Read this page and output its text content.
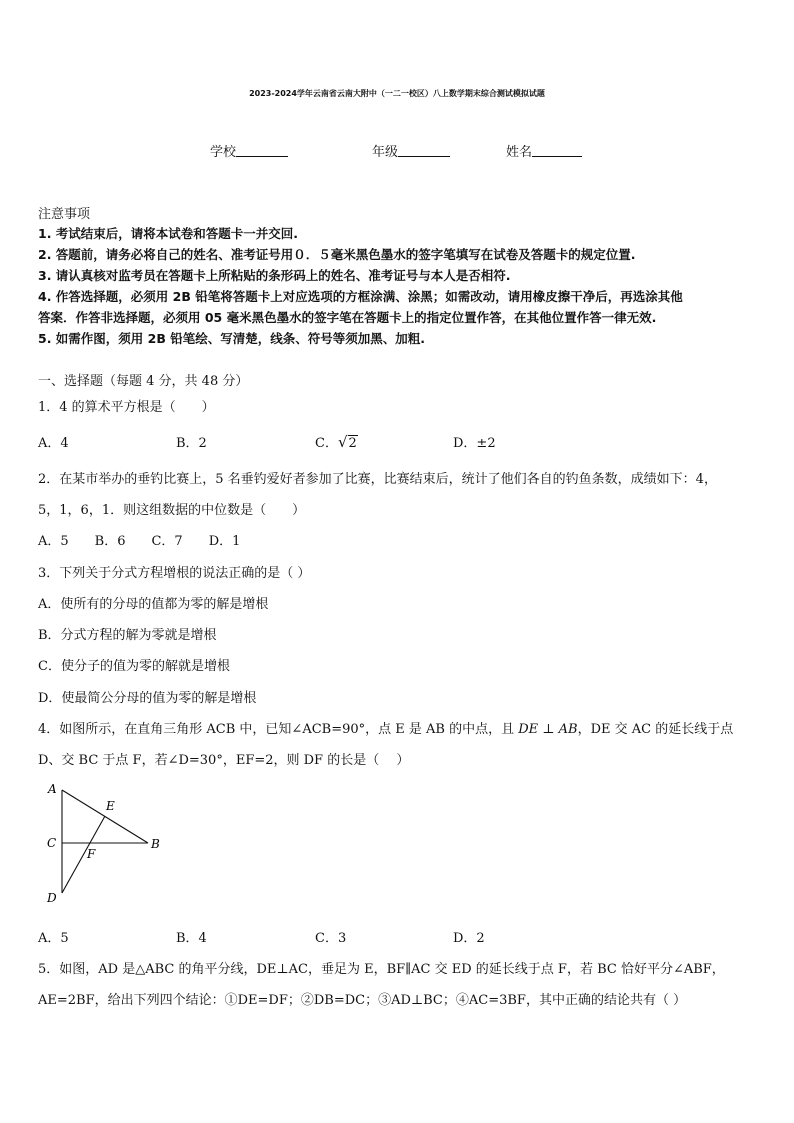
2023-2024学年云南省云南大附中（一二一校区）八上数学期末综合测试模拟试题
学校	年级	姓名
注意事项
1. 考试结束后，请将本试卷和答题卡一并交回.
2. 答题前，请务必将自己的姓名、准考证号用０．５毫米黑色墨水的签字笔填写在试卷及答题卡的规定位置.
3. 请认真核对监考员在答题卡上所粘贴的条形码上的姓名、准考证号与本人是否相符.
4. 作答选择题，必须用 2B 铅笔将答题卡上对应选项的方框涂满、涂黑；如需改动，请用橡皮擦干净后，再选涂其他
答案．作答非选择题，必须用 05 毫米黑色墨水的签字笔在答题卡上的指定位置作答，在其他位置作答一律无效.
5. 如需作图，须用 2B 铅笔绘、写清楚，线条、符号等须加黑、加粗.
一、选择题（每题 4 分，共 48 分）
1．4 的算术平方根是（　　）
A．4	B．2	C．√2	D．±2
2．在某市举办的垂钓比赛上，5 名垂钓爱好者参加了比赛，比赛结束后，统计了他们各自的钓鱼条数，成绩如下：4，
5，1，6，1．则这组数据的中位数是（　　）
A．5　　B．6　　C．7　　D．1
3．下列关于分式方程增根的说法正确的是（ ）
A．使所有的分母的值都为零的解是增根
B．分式方程的解为零就是增根
C．使分子的值为零的解就是增根
D．使最简公分母的值为零的解是增根
4．如图所示，在直角三角形 ACB 中，已知∠ACB=90°，点 E 是 AB 的中点，且 DE ⊥ AB，DE 交 AC 的延长线于点
D、交 BC 于点 F，若∠D=30°，EF=2，则 DF 的长是（　 ）
A
E
C
F
B
D
A．5	B．4	C．3	D．2
5．如图，AD 是△ABC 的角平分线，DE⊥AC，垂足为 E，BF∥AC 交 ED 的延长线于点 F，若 BC 恰好平分∠ABF，
AE=2BF，给出下列四个结论：①DE=DF；②DB=DC；③AD⊥BC；④AC=3BF，其中正确的结论共有（ ）
